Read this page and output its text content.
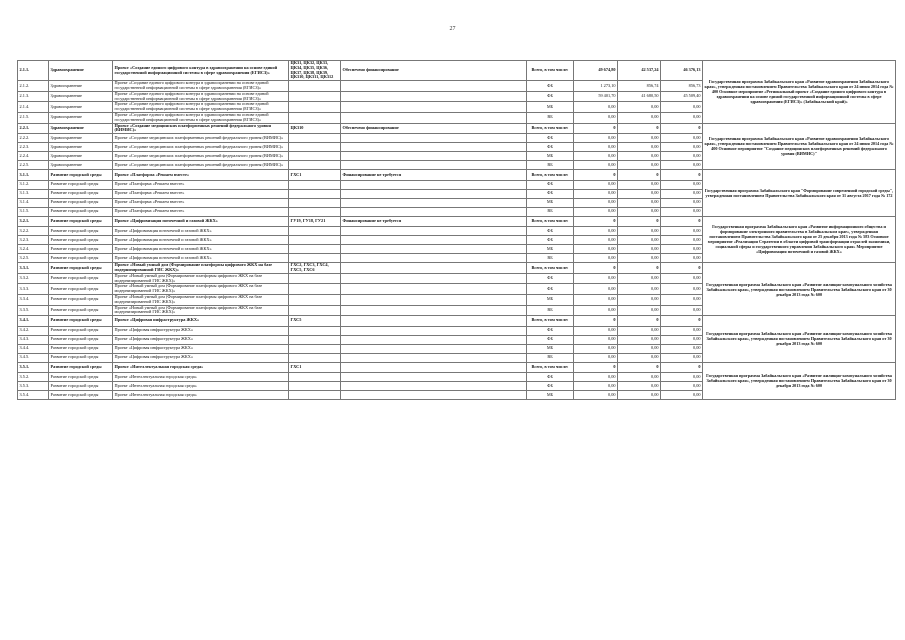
27
2.1.1.	Здравоохранение	Проект «Создание единого цифрового контура в здравоохранении на основе единой государственной информационной системы в сфере здравоохранения (ЕГИСЗ)»	ЦК31, ЦК32, ЦК33, ЦК34, ЦК35, ЦК36, ЦК37, ЦК38, ЦК39, ЦК310, ЦК311, ЦК312	Обеспечено финансирование	Всего, в том числе:	49 674,80	42 537,24	46 376,13	Государственная программа Забайкальского края «Развитие здравоохранения Забайкальского края», утвержденная постановлением Правительства Забайкальского края от 24 июня 2014 года № 400 Основное мероприятие «Региональный проект «Создание единого цифрового контура в здравоохранении на основе единой государственной информационной системы в сфере здравоохранения (ЕГИСЗ)» (Забайкальский край)»
2.1.2.	Здравоохранение	Проект «Создание единого цифрового контура в здравоохранении на основе единой государственной информационной системы в сфере здравоохранения (ЕГИСЗ)»			ФБ	1 273,10	856,74	856,73	
2.1.3.	Здравоохранение	Проект «Создание единого цифрового контура в здравоохранении на основе единой государственной информационной системы в сфере здравоохранения (ЕГИСЗ)»			ФБ	59 401,70	41 680,50	45 509,40	
2.1.4.	Здравоохранение	Проект «Создание единого цифрового контура в здравоохранении на основе единой государственной информационной системы в сфере здравоохранения (ЕГИСЗ)»			МБ	0,00	0,00	0,00	
2.1.5.	Здравоохранение	Проект «Создание единого цифрового контура в здравоохранении на основе единой государственной информационной системы в сфере здравоохранения (ЕГИСЗ)»			ВБ	0,00	0,00	0,00	
2.2.1.	Здравоохранение	Проект «Создание медицинских платформенных решений федерального уровня (ВИМИС)»	ЦК310	Обеспечено финансирование	Всего, в том числе:	0	0	0	Государственная программа Забайкальского края «Развитие здравоохранения Забайкальского края», утвержденная постановлением Правительства Забайкальского края от 24 июня 2014 года № 400 Основное мероприятие "Создание медицинских платформенных решений федерального уровня (ВИМИС)"
2.2.2.	Здравоохранение	Проект «Создание медицинских платформенных решений федерального уровня (ВИМИС)»			ФБ	0,00	0,00	0,00	
2.2.3.	Здравоохранение	Проект «Создание медицинских платформенных решений федерального уровня (ВИМИС)»			ФБ	0,00	0,00	0,00	
2.2.4.	Здравоохранение	Проект «Создание медицинских платформенных решений федерального уровня (ВИМИС)»			МБ	0,00	0,00	0,00	
2.2.5.	Здравоохранение	Проект «Создание медицинских платформенных решений федерального уровня (ВИМИС)»			ВБ	0,00	0,00	0,00	
3.1.1.	Развитие городской среды	Проект «Платформа «Решаем вместе»	ГХС1	Финансирование не требуется	Всего, в том числе:	0	0	0	Государственная программа Забайкальского края "Формирование современной городской среды", утвержденная постановлением Правительства Забайкальского края от 31 августа 2017 года № 172
3.1.2.	Развитие городской среды	Проект «Платформа «Решаем вместе»			ФБ	0,00	0,00	0,00	
3.1.3.	Развитие городской среды	Проект «Платформа «Решаем вместе»			ФБ	0,00	0,00	0,00	
3.1.4.	Развитие городской среды	Проект «Платформа «Решаем вместе»			МБ	0,00	0,00	0,00	
3.1.5.	Развитие городской среды	Проект «Платформа «Решаем вместе»			ВБ	0,00	0,00	0,00	
3.2.1.	Развитие городской среды	Проект «Цифровизация поточечной и газовой ЖКХ»	ГУ19, ГУ18, ГУ21	Финансирование не требуется	Всего, в том числе:	0	0	0	Государственная программа Забайкальского края «Развитие информационного общества и формирование электронного правительства в Забайкальском крае», утвержденная постановлением Правительства Забайкальского края от 25 декабря 2013 года № 583 Основное мероприятие «Реализация Стратегии в области цифровой трансформации отраслей экономики, социальной сферы и государственного управления Забайкальского края» Мероприятие «Цифровизация поточечной и газовой ЖКХ»
3.2.2.	Развитие городской среды	Проект «Цифровизация поточечной и газовой ЖКХ»			ФБ	0,00	0,00	0,00	
3.2.3.	Развитие городской среды	Проект «Цифровизация поточечной и газовой ЖКХ»			ФБ	0,00	0,00	0,00	
3.2.4.	Развитие городской среды	Проект «Цифровизация поточечной и газовой ЖКХ»			МБ	0,00	0,00	0,00	
3.2.5.	Развитие городской среды	Проект «Цифровизация поточечной и газовой ЖКХ»			ВБ	0,00	0,00	0,00	
3.3.1.	Развитие городской среды	Проект «Новый умный дом (Формирование платформы цифрового ЖКХ на базе модернизированной ГИС ЖКХ)»	ГХС2, ГХС3, ГХС4, ГХС5, ГХС6		Всего, в том числе:	0	0	0	Государственная программа Забайкальского края «Развитие жилищно-коммунального хозяйства Забайкальского края», утвержденная постановлением Правительства Забайкальского края от 30 декабря 2013 года № 600
3.3.2.	Развитие городской среды	Проект «Новый умный дом (Формирование платформы цифрового ЖКХ на базе модернизированной ГИС ЖКХ)»			ФБ	0,00	0,00	0,00	
3.3.3.	Развитие городской среды	Проект «Новый умный дом (Формирование платформы цифрового ЖКХ на базе модернизированной ГИС ЖКХ)»			ФБ	0,00	0,00	0,00	
3.3.4.	Развитие городской среды	Проект «Новый умный дом (Формирование платформы цифрового ЖКХ на базе модернизированной ГИС ЖКХ)»			МБ	0,00	0,00	0,00	
3.3.5.	Развитие городской среды	Проект «Новый умный дом (Формирование платформы цифрового ЖКХ на базе модернизированной ГИС ЖКХ)»			ВБ	0,00	0,00	0,00	
3.4.1.	Развитие городской среды	Проект «Цифровая инфраструктура ЖКХ»	ГХС5		Всего, в том числе:	0	0	0	Государственная программа Забайкальского края «Развитие жилищно-коммунального хозяйства Забайкальского края», утвержденная постановлением Правительства Забайкальского края от 30 декабря 2013 года № 600
3.4.2.	Развитие городской среды	Проект «Цифровая инфраструктура ЖКХ»			ФБ	0,00	0,00	0,00	
3.4.3.	Развитие городской среды	Проект «Цифровая инфраструктура ЖКХ»			ФБ	0,00	0,00	0,00	
3.4.4.	Развитие городской среды	Проект «Цифровая инфраструктура ЖКХ»			МБ	0,00	0,00	0,00	
3.4.5.	Развитие городской среды	Проект «Цифровая инфраструктура ЖКХ»			ВБ	0,00	0,00	0,00	
3.5.1.	Развитие городской среды	Проект «Интеллектуальная городская среда»	ГХС1		Всего, в том числе:	0	0	0	Государственная программа Забайкальского края «Развитие жилищно-коммунального хозяйства Забайкальского края», утвержденная постановлением Правительства Забайкальского края от 30 декабря 2013 года № 600
3.5.2.	Развитие городской среды	Проект «Интеллектуальная городская среда»			ФБ	0,00	0,00	0,00	
3.5.3.	Развитие городской среды	Проект «Интеллектуальная городская среда»			ФБ	0,00	0,00	0,00	
3.5.4.	Развитие городской среды	Проект «Интеллектуальная городская среда»			МБ	0,00	0,00	0,00	
